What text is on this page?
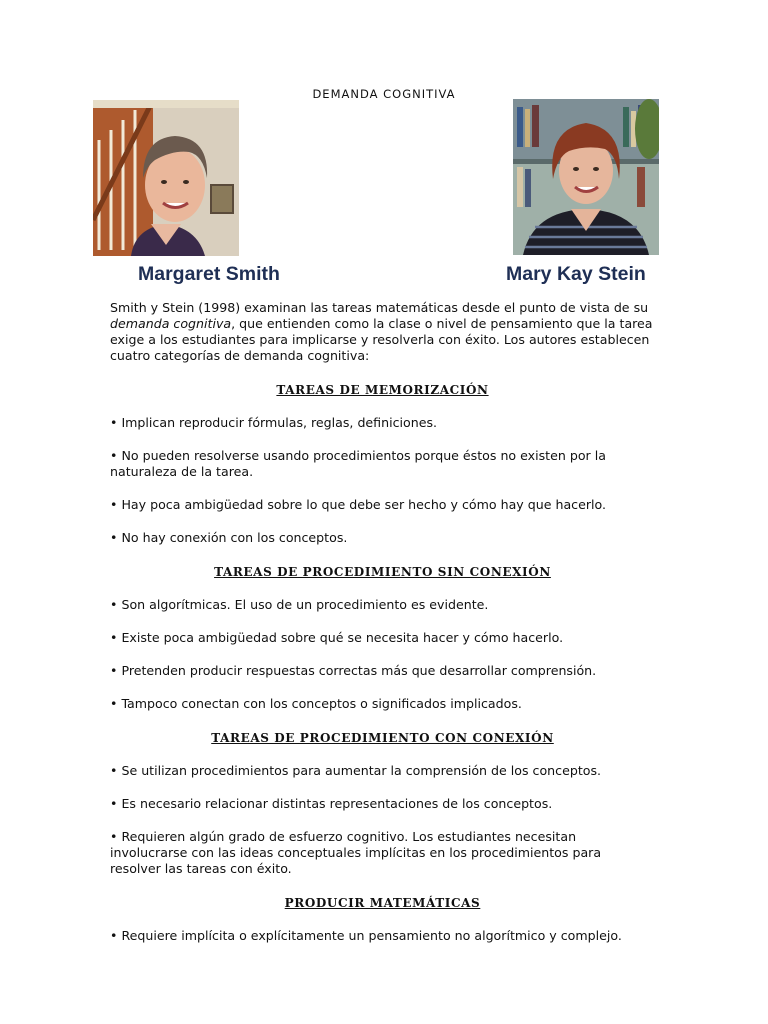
DEMANDA COGNITIVA
Margaret Smith	Mary Kay Stein

Smith y Stein (1998) examinan las tareas matemáticas desde el punto de vista de su demanda cognitiva, que entienden como la clase o nivel de pensamiento que la tarea exige a los estudiantes para implicarse y resolverla con éxito. Los autores establecen cuatro categorías de demanda cognitiva:

TAREAS DE MEMORIZACIÓN

• Implican reproducir fórmulas, reglas, definiciones.

• No pueden resolverse usando procedimientos porque éstos no existen por la naturaleza de la tarea.

• Hay poca ambigüedad sobre lo que debe ser hecho y cómo hay que hacerlo.

• No hay conexión con los conceptos.

TAREAS DE PROCEDIMIENTO SIN CONEXIÓN

• Son algorítmicas. El uso de un procedimiento es evidente.

• Existe poca ambigüedad sobre qué se necesita hacer y cómo hacerlo.

• Pretenden producir respuestas correctas más que desarrollar comprensión.

• Tampoco conectan con los conceptos o significados implicados.

TAREAS DE PROCEDIMIENTO CON CONEXIÓN

• Se utilizan procedimientos para aumentar la comprensión de los conceptos.

• Es necesario relacionar distintas representaciones de los conceptos.

• Requieren algún grado de esfuerzo cognitivo. Los estudiantes necesitan involucrarse con las ideas conceptuales implícitas en los procedimientos para resolver las tareas con éxito.

PRODUCIR MATEMÁTICAS

• Requiere implícita o explícitamente un pensamiento no algorítmico y complejo.
